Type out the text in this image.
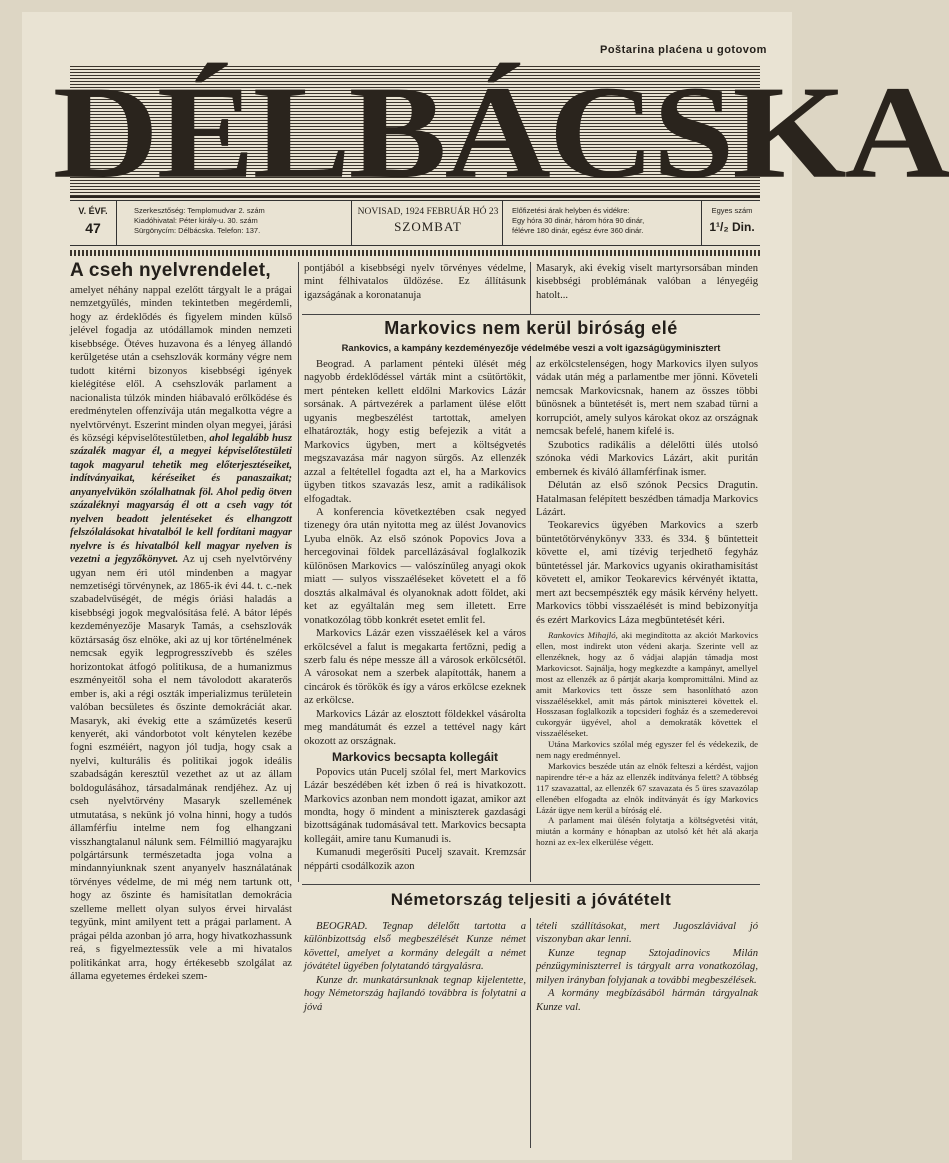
Poštarina plaćena u gotovom
DÉLBÁCSKA
V. ÉVF.
47
Szerkesztőség: Templomudvar 2. szám
Kiadóhivatal: Péter király-u. 30. szám
Sürgönycím: Délbácska. Telefon: 137.
NOVISAD, 1924 FEBRUÁR HÓ 23
SZOMBAT
Előfizetési árak helyben és vidékre:
Egy hóra 30 dinár, három hóra 90 dinár,
félévre 180 dinár, egész évre 360 dinár.
Egyes szám
1¹/₂ Din.
A cseh nyelvrendelet,

amelyet néhány nappal ezelőtt tárgyalt le a prágai nemzetgyűlés, minden tekintetben megérdemli, hogy az érdeklődés és figyelem minden külső jelével fogadja az utódállamok minden nemzeti kisebbsége. Ötéves huzavona és a lényeg állandó kerülgetése után a csehszlovák kormány végre nem tudott kitérni bizonyos kisebbségi igények kielégítése elől. A csehszlovák parlament a nacionalista túlzók minden hiábavaló erőlködése és eredménytelen offenzívája után megalkotta végre a nyelvtörvényt. Eszerint minden olyan megyei, járási és községi képviselőtestületben, ahol legalább husz százalék magyar él, a megyei képviselőtestületi tagok magyarul tehetik meg előterjesztéseiket, indítványaikat, kéréseiket és panaszaikat; anyanyelvükön szólalhatnak föl. Ahol pedig ötven százaléknyi magyarság él ott a cseh vagy tót nyelven beadott jelentéseket és elhangzott felszólalásokat hivatalból le kell fordítani magyar nyelvre is és hivatalból kell magyar nyelven is vezetni a jegyzőkönyvet. Az uj cseh nyelvtörvény ugyan nem éri utól mindenben a magyar nemzetiségi törvénynek, az 1865-ik évi 44. t. c.-nek szabadelvűségét, de mégis óriási haladás a kisebbségi jogok megvalósítása felé. A bátor lépés kezdeményezője Masaryk Tamás, a csehszlovák köztársaság ősz elnöke, aki az uj kor történelmének nemcsak egyik legprogresszívebb és széles horizontokat átfogó politikusa, de a humanizmus eszményeitől soha el nem távolodott akaraterős ember is, aki a régi oszták imperializmus területein valóban becsületes és őszinte demokráciát akar. Masaryk, aki évekig ette a száműzetés keserű kenyerét, aki vándorbotot volt kénytelen kezébe fogni eszméiért, nagyon jól tudja, hogy csak a nyelvi, kulturális és politikai jogok ideális szabadságán keresztül vezethet az ut az állam boldogulásához, társadalmának rendjéhez. Az uj cseh nyelvtörvény Masaryk szellemének utmutatása, s nekünk jó volna hinni, hogy a tudós államférfiu intelme nem fog elhangzani visszhangtalanul nálunk sem. Félmillió magyarajku polgártársunk természetadta joga volna a mindannyiunknak szent anyanyelv használatának törvényes védelme, de mi még nem tartunk ott, hogy az őszinte és hamisítatlan demokrácia szelleme mellett olyan sulyos érvei hirvalást tegyünk, mint amilyent tett a prágai parlament. A prágai példa azonban jó arra, hogy hivatkozhassunk reá, s figyelmeztessük vele a mi hivatalos politikánkat arra, hogy értékesebb szolgálat az állama egyetemes érdekei szem-

pontjából a kisebbségi nyelv törvényes védelme, mint félhivatalos üldözése. Ez állításunk igazságának a koronatanuja
Masaryk, aki évekig viselt martyrsorsában minden kisebbségi problémának valóban a lényegéig hatolt...
Markovics nem kerül biróság elé
Rankovics, a kampány kezdeményezője védelmébe veszi a volt igazságügyminisztert

Beograd. A parlament pénteki ülését még nagyobb érdeklődéssel várták mint a csütörtökit, mert pénteken kellett eldőlni Markovics Lázár sorsának. A pártvezérek a parlament ülése előtt ugyanis megbeszélést tartottak, amelyen elhatározták, hogy estig befejezik a vitát a Markovics ügyben, mert a költségvetés megszavazása már nagyon sürgős. Az ellenzék azzal a feltétellel fogadta azt el, ha a Markovics ügyben titkos szavazás lesz, amit a radikálisok elfogadtak.

A konferencia következtében csak negyed tizenegy óra után nyitotta meg az ülést Jovanovics Lyuba elnök. Az első szónok Popovics Jova a hercegovinai földek parcellázásával foglalkozik különösen Markovics — valószínűleg anyagi okok miatt — sulyos visszaéléseket követett el a fő dosztás alkalmával és olyanoknak adott földet, aki ket az egyáltalán meg sem illetett. Erre vonatkozólag több konkrét esetet emlit fel.

Markovics Lázár ezen visszaélések kel a város erkölcsével a falut is megakarta fertőzni, pedig a szerb falu és népe messze áll a városok erkölcsétől. A városokat nem a szerbek alapították, hanem a cincárok és törökök és így a város erkölcse ezeknek az erkölcse.

Markovics Lázár az elosztott földekkel vásárolta meg mandátumát és ezzel a tettével nagy kárt okozott az országnak.

Markovics becsapta kollegáit

Popovics után Pucelj szólal fel, mert Markovics Lázár beszédében két izben ő reá is hivatkozott. Markovics azonban nem mondott igazat, amikor azt mondta, hogy ő mindent a miniszterek gazdasági bizottságának tudomásával tett. Markovics becsapta kollegáit, amire tanu Kumanudi is.

Kumanudi megerősíti Pucelj szavait. Kremzsár néppárti csodálkozik azon

az erkölcstelenségen, hogy Markovics ilyen sulyos vádak után még a parlamentbe mer jönni. Követeli nemcsak Markovicsnak, hanem az összes többi bűnösnek a büntetését is, mert nem szabad türni a korrupciót, amely sulyos károkat okoz az országnak nemcsak befelé, hanem kifelé is.

Szubotics radikális a délelőtti ülés utolsó szónoka védi Markovics Lázárt, akit puritán embernek és kiváló államférfinak ismer.

Délután az első szónok Pecsics Dragutin. Hatalmasan felépített beszédben támadja Markovics Lázárt.

Teokarevics ügyében Markovics a szerb büntetőtörvénykönyv 333. és 334. § bűntetteit követte el, ami tízévig terjedhető fegyház büntetéssel jár. Markovics ugyanis okirathamisítást követett el, amikor Teokarevics kérvényét iktatta, mert azt becsempészték egy másik kérvény helyett. Markovics többi visszaélését is mind bebizonyítja és ezért Markovics Láza megbüntetését kéri.

Rankovics Mihajló, aki megindította az akciót Markovics ellen, most indirekt uton védeni akarja. Szerinte vell az ellenzéknek, hogy az ő vádjai alapján támadja most Markovicsot. Sajnálja, hogy megkezdte a kampányt, amellyel most az ellenzék az ő pártját akarja kompromittálni. Mind az amit Markovics tett össze sem hasonlítható azon visszaélésekkel, amit más pártok miniszterei követtek el. Hosszasan foglalkozik a topcsideri fogház és a szemederevoi cukorgyár ügyével, ahol a demokraták követtek el visszaéléseket.

Utána Markovics szólal még egyszer fel és védekezik, de nem nagy eredménnyel.

Markovics beszéde után az elnök felteszi a kérdést, vajjon napirendre tér-e a ház az ellenzék indítványa felett? A többség 117 szavazattal, az ellenzék 67 szavazata és 5 üres szavazólap ellenében elfogadta az elnök indítványát és így Markovics Lázár ügye nem kerül a bíróság elé.

A parlament mai ülésén folytatja a költségvetési vitát, miután a kormány e hónapban az utolsó két hét alá akarja hozni az ex-lex elkerülése végett.

Németország teljesiti a jóvátételt

BEOGRAD. Tegnap délelőtt tartotta a különbizottság első megbeszélését Kunze német követtel, amelyet a kormány delegált a német jóvátétel ügyében folytatandó tárgyalásra.

Kunze dr. munkatársunknak tegnap kijelentette, hogy Németország hajlandó továbbra is folytatni a jóvá

tételi szállításokat, mert Jugoszláviával jó viszonyban akar lenni.

Kunze tegnap Sztojadinovics Milán pénzügyminiszterrel is tárgyalt arra vonatkozólag, milyen irányban folyjanak a további megbeszélések.

A kormány megbízásából hármán tárgyalnak Kunze val.
